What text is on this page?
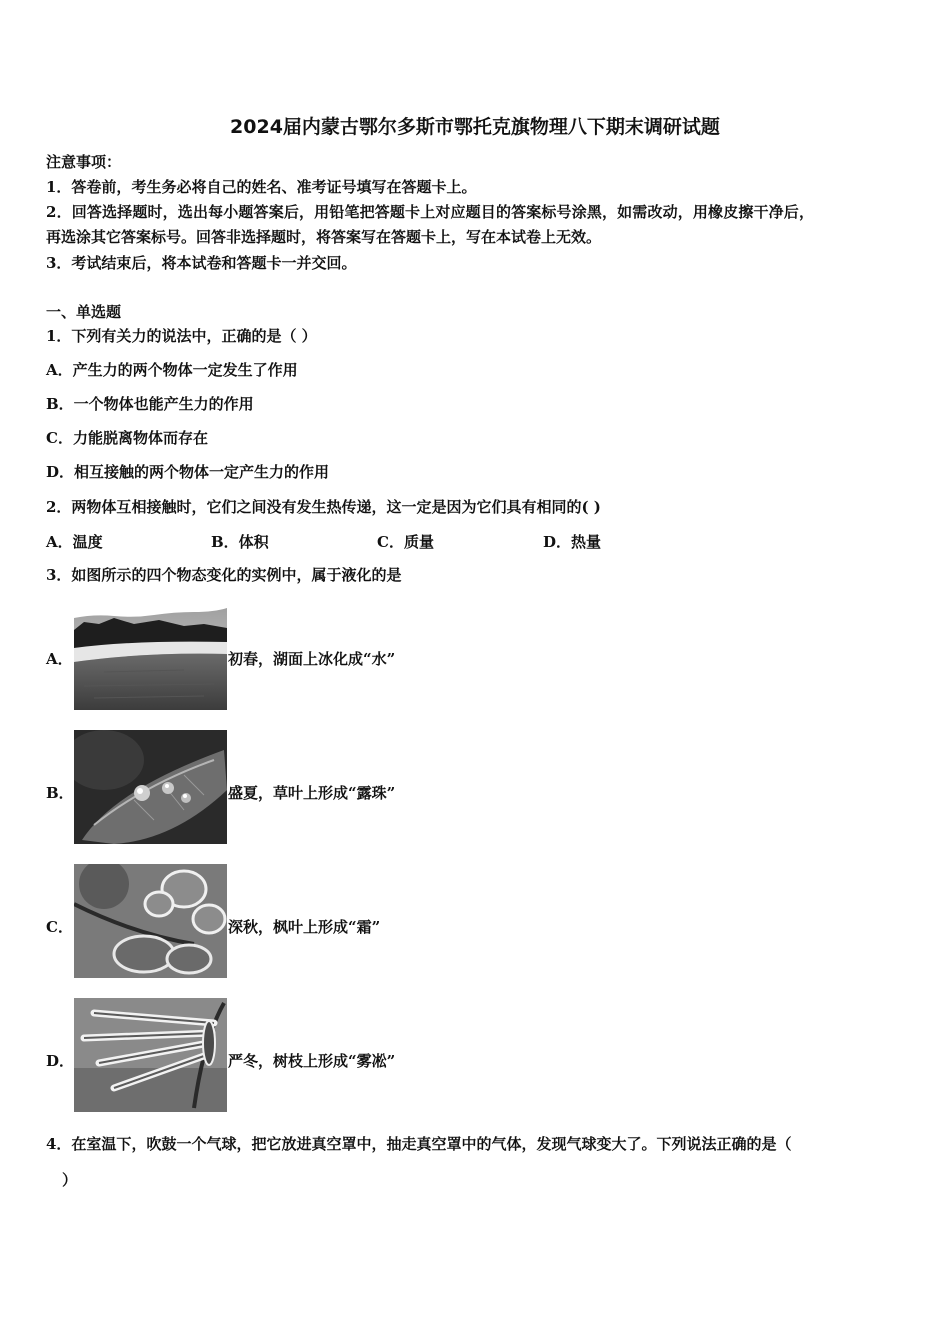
2024届内蒙古鄂尔多斯市鄂托克旗物理八下期末调研试题
注意事项：
1．答卷前，考生务必将自己的姓名、准考证号填写在答题卡上。
2．回答选择题时，选出每小题答案后，用铅笔把答题卡上对应题目的答案标号涂黑，如需改动，用橡皮擦干净后，
再选涂其它答案标号。回答非选择题时，将答案写在答题卡上，写在本试卷上无效。
3．考试结束后，将本试卷和答题卡一并交回。
一、单选题
1．下列有关力的说法中，正确的是（ ）
A．产生力的两个物体一定发生了作用
B．一个物体也能产生力的作用
C．力能脱离物体而存在
D．相互接触的两个物体一定产生力的作用
2．两物体互相接触时，它们之间没有发生热传递，这一定是因为它们具有相同的( )
A．温度	B．体积	C．质量	D．热量
3．如图所示的四个物态变化的实例中，属于液化的是
A．	初春，湖面上冰化成“水”
B．	盛夏，草叶上形成“露珠”
C．	深秋，枫叶上形成“霜”
D．	严冬，树枝上形成“雾凇”
4．在室温下，吹鼓一个气球，把它放进真空罩中，抽走真空罩中的气体，发现气球变大了。下列说法正确的是（
）
